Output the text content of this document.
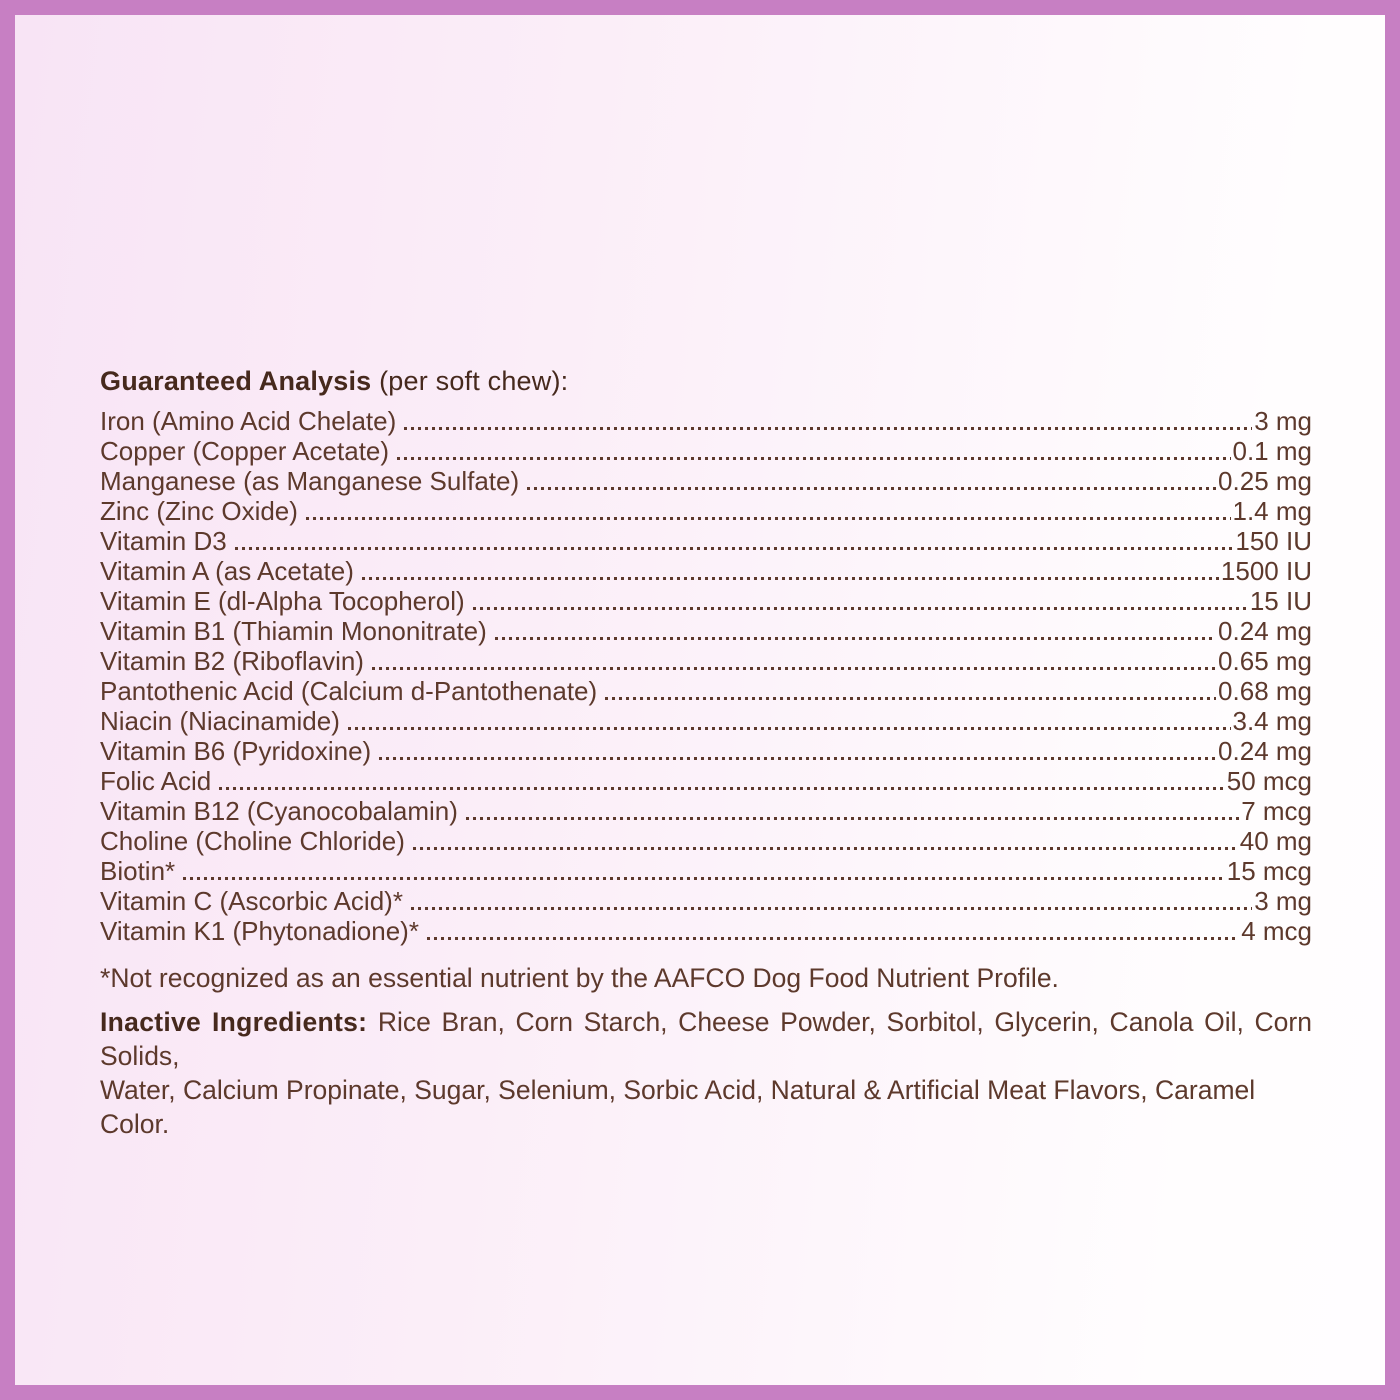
Guaranteed Analysis (per soft chew):
Iron (Amino Acid Chelate)	3 mg
Copper (Copper Acetate)	0.1 mg
Manganese (as Manganese Sulfate)	0.25 mg
Zinc (Zinc Oxide)	1.4 mg
Vitamin D3	150 IU
Vitamin A (as Acetate)	1500 IU
Vitamin E (dl-Alpha Tocopherol)	15 IU
Vitamin B1 (Thiamin Mononitrate)	0.24 mg
Vitamin B2 (Riboflavin)	0.65 mg
Pantothenic Acid (Calcium d-Pantothenate)	0.68 mg
Niacin (Niacinamide)	3.4 mg
Vitamin B6 (Pyridoxine)	0.24 mg
Folic Acid	50 mcg
Vitamin B12 (Cyanocobalamin)	7 mcg
Choline (Choline Chloride)	40 mg
Biotin*	15 mcg
Vitamin C (Ascorbic Acid)*	3 mg
Vitamin K1 (Phytonadione)*	4 mcg
*Not recognized as an essential nutrient by the AAFCO Dog Food Nutrient Profile.
Inactive Ingredients: Rice Bran, Corn Starch, Cheese Powder, Sorbitol, Glycerin, Canola Oil, Corn Solids,
Water, Calcium Propinate, Sugar, Selenium, Sorbic Acid, Natural & Artificial Meat Flavors, Caramel Color.
